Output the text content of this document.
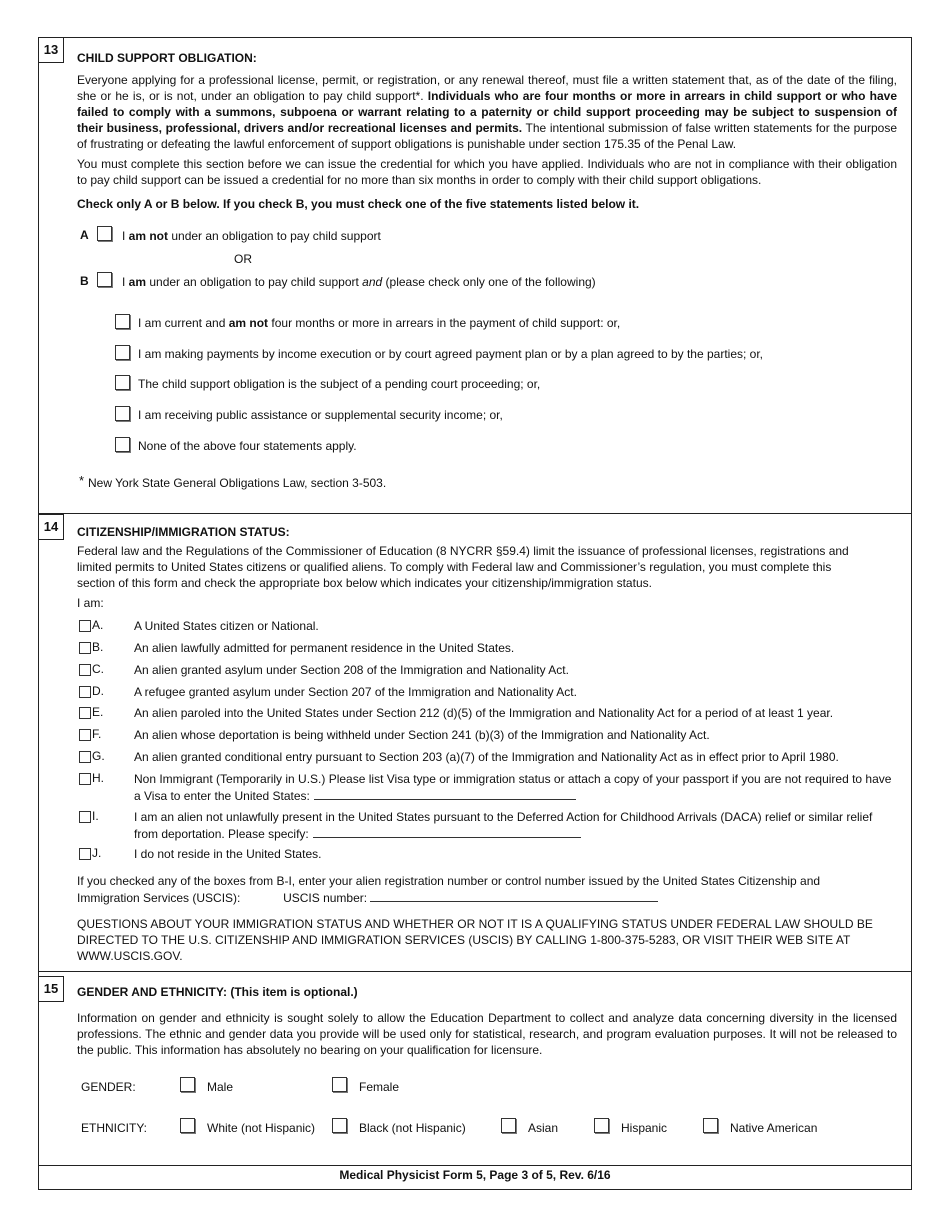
13
CHILD SUPPORT OBLIGATION:
Everyone applying for a professional license, permit, or registration, or any renewal thereof, must file a written statement that, as of the date of the filing, she or he is, or is not, under an obligation to pay child support*. Individuals who are four months or more in arrears in child support or who have failed to comply with a summons, subpoena or warrant relating to a paternity or child support proceeding may be subject to suspension of their business, professional, drivers and/or recreational licenses and permits. The intentional submission of false written statements for the purpose of frustrating or defeating the lawful enforcement of support obligations is punishable under section 175.35 of the Penal Law.
You must complete this section before we can issue the credential for which you have applied. Individuals who are not in compliance with their obligation to pay child support can be issued a credential for no more than six months in order to comply with their child support obligations.
Check only A or B below. If you check B, you must check one of the five statements listed below it.
A	I am not under an obligation to pay child support
OR
B	I am under an obligation to pay child support and (please check only one of the following)
I am current and am not four months or more in arrears in the payment of child support: or,
I am making payments by income execution or by court agreed payment plan or by a plan agreed to by the parties; or,
The child support obligation is the subject of a pending court proceeding; or,
I am receiving public assistance or supplemental security income; or,
None of the above four statements apply.
* New York State General Obligations Law, section 3-503.
14	CITIZENSHIP/IMMIGRATION STATUS:
Federal law and the Regulations of the Commissioner of Education (8 NYCRR §59.4) limit the issuance of professional licenses, registrations and limited permits to United States citizens or qualified aliens. To comply with Federal law and Commissioner’s regulation, you must complete this section of this form and check the appropriate box below which indicates your citizenship/immigration status.
I am:
A.	A United States citizen or National.
B.	An alien lawfully admitted for permanent residence in the United States.
C.	An alien granted asylum under Section 208 of the Immigration and Nationality Act.
D.	A refugee granted asylum under Section 207 of the Immigration and Nationality Act.
E.	An alien paroled into the United States under Section 212 (d)(5) of the Immigration and Nationality Act for a period of at least 1 year.
F.	An alien whose deportation is being withheld under Section 241 (b)(3) of the Immigration and Nationality Act.
G. An alien granted conditional entry pursuant to Section 203 (a)(7) of the Immigration and Nationality Act as in effect prior to April 1980.
H.	Non Immigrant (Temporarily in U.S.) Please list Visa type or immigration status or attach a copy of your passport if you are not required to have a Visa to enter the United States:
I.	I am an alien not unlawfully present in the United States pursuant to the Deferred Action for Childhood Arrivals (DACA) relief or similar relief from deportation. Please specify:
J.	I do not reside in the United States.
If you checked any of the boxes from B-I, enter your alien registration number or control number issued by the United States Citizenship and Immigration Services (USCIS):	USCIS number:
QUESTIONS ABOUT YOUR IMMIGRATION STATUS AND WHETHER OR NOT IT IS A QUALIFYING STATUS UNDER FEDERAL LAW SHOULD BE DIRECTED TO THE U.S. CITIZENSHIP AND IMMIGRATION SERVICES (USCIS) BY CALLING 1-800-375-5283, OR VISIT THEIR WEB SITE AT WWW.USCIS.GOV.
15	GENDER AND ETHNICITY: (This item is optional.)
Information on gender and ethnicity is sought solely to allow the Education Department to collect and analyze data concerning diversity in the licensed professions. The ethnic and gender data you provide will be used only for statistical, research, and program evaluation purposes. It will not be released to the public. This information has absolutely no bearing on your qualification for licensure.
GENDER:	Male	Female
ETHNICITY:	White (not Hispanic)	Black (not Hispanic)	Asian	Hispanic	Native American
Medical Physicist Form 5, Page 3 of 5, Rev. 6/16
